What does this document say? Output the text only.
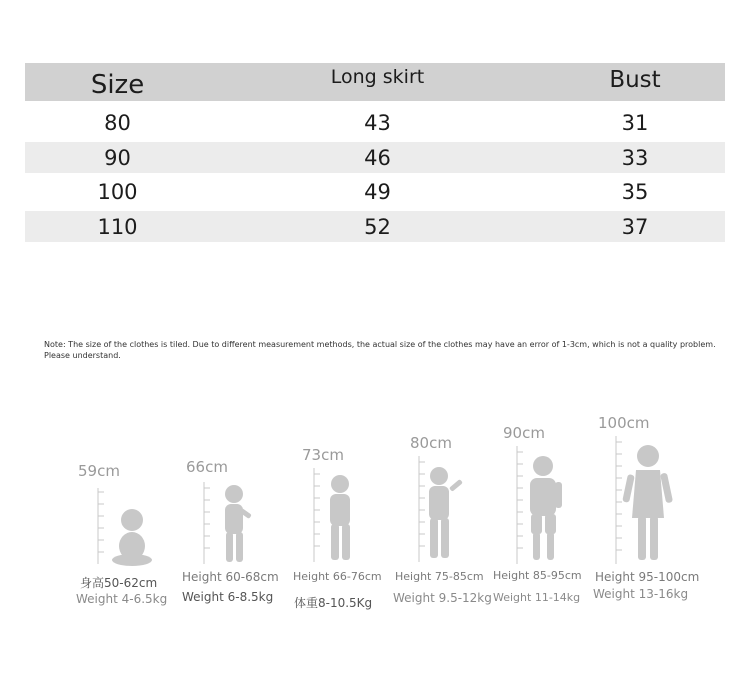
Size	Long skirt	Bust
80	43	31
90	46	33
100	49	35
110	52	37
Note: The size of the clothes is tiled. Due to different measurement methods, the actual size of the clothes may have an error of 1-3cm, which is not a quality problem. Please understand.
59cm
身高50-62cm
Weight 4-6.5kg
66cm
Height 60-68cm
Weight 6-8.5kg
73cm
Height 66-76cm
体重8-10.5Kg
80cm
Height 75-85cm
Weight 9.5-12kg
90cm
Height 85-95cm
Weight 11-14kg
100cm
Height 95-100cm
Weight 13-16kg
